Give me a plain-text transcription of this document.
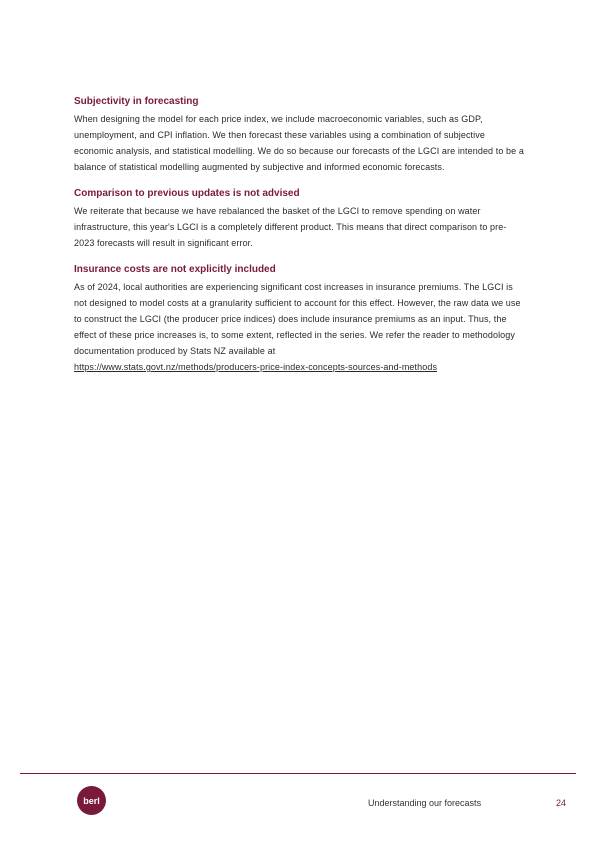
Subjectivity in forecasting

When designing the model for each price index, we include macroeconomic variables, such as GDP, unemployment, and CPI inflation. We then forecast these variables using a combination of subjective economic analysis, and statistical modelling. We do so because our forecasts of the LGCI are intended to be a balance of statistical modelling augmented by subjective and informed economic forecasts.

Comparison to previous updates is not advised

We reiterate that because we have rebalanced the basket of the LGCI to remove spending on water infrastructure, this year's LGCI is a completely different product. This means that direct comparison to pre-2023 forecasts will result in significant error.

Insurance costs are not explicitly included

As of 2024, local authorities are experiencing significant cost increases in insurance premiums. The LGCI is not designed to model costs at a granularity sufficient to account for this effect. However, the raw data we use to construct the LGCI (the producer price indices) does include insurance premiums as an input. Thus, the effect of these price increases is, to some extent, reflected in the series. We refer the reader to methodology documentation produced by Stats NZ available at
https://www.stats.govt.nz/methods/producers-price-index-concepts-sources-and-methods

berl	Understanding our forecasts	24
